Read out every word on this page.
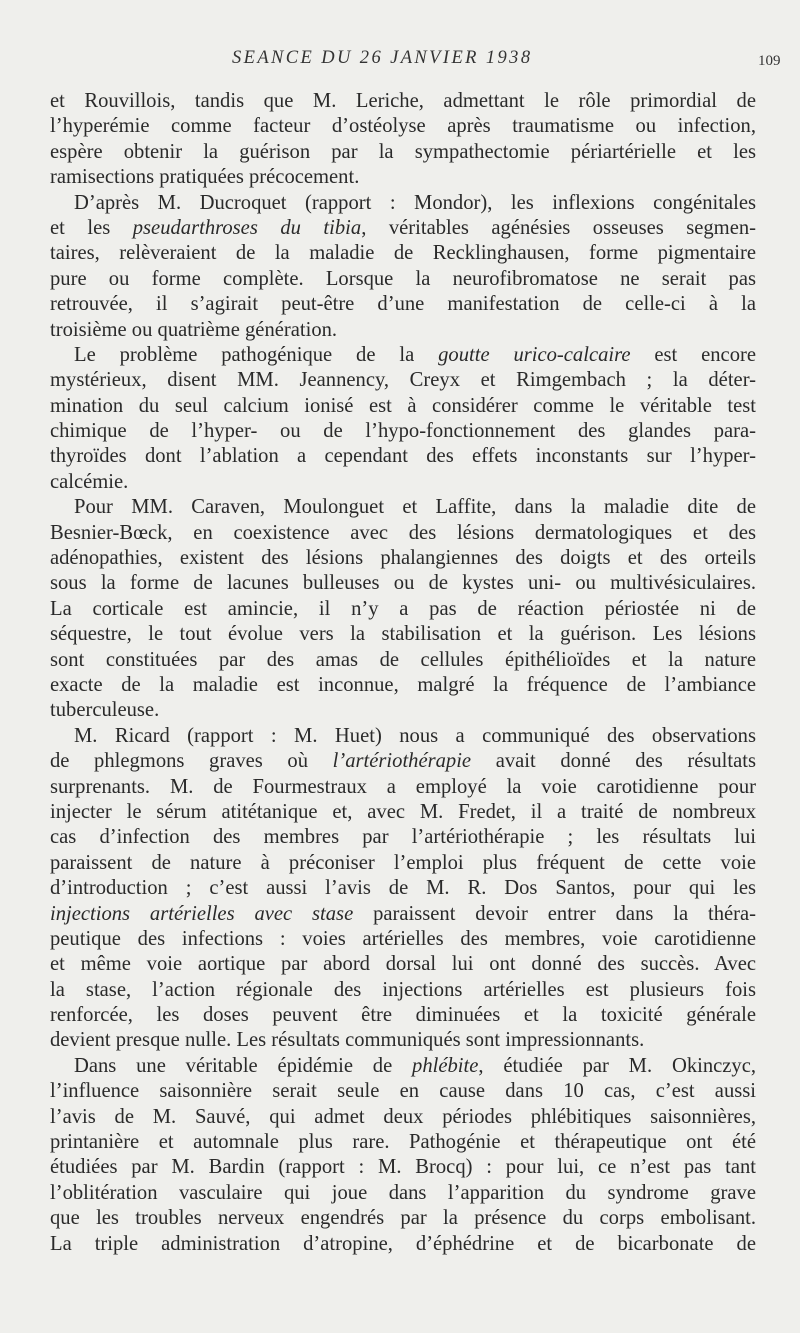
SEANCE DU 26 JANVIER 1938	109
et Rouvillois, tandis que M. Leriche, admettant le rôle primordial de
l’hyperémie comme facteur d’ostéolyse après traumatisme ou infection,
espère obtenir la guérison par la sympathectomie périartérielle et les
ramisections pratiquées précocement.
D’après M. Ducroquet (rapport : Mondor), les inflexions congénitales
et les pseudarthroses du tibia, véritables agénésies osseuses segmen-
taires, relèveraient de la maladie de Recklinghausen, forme pigmentaire
pure ou forme complète. Lorsque la neurofibromatose ne serait pas
retrouvée, il s’agirait peut-être d’une manifestation de celle-ci à la
troisième ou quatrième génération.
Le problème pathogénique de la goutte urico-calcaire est encore
mystérieux, disent MM. Jeannency, Creyx et Rimgembach ; la déter-
mination du seul calcium ionisé est à considérer comme le véritable test
chimique de l’hyper- ou de l’hypo-fonctionnement des glandes para-
thyroïdes dont l’ablation a cependant des effets inconstants sur l’hyper-
calcémie.
Pour MM. Caraven, Moulonguet et Laffite, dans la maladie dite de
Besnier-Bœck, en coexistence avec des lésions dermatologiques et des
adénopathies, existent des lésions phalangiennes des doigts et des orteils
sous la forme de lacunes bulleuses ou de kystes uni- ou multivésiculaires.
La corticale est amincie, il n’y a pas de réaction périostée ni de
séquestre, le tout évolue vers la stabilisation et la guérison. Les lésions
sont constituées par des amas de cellules épithélioïdes et la nature
exacte de la maladie est inconnue, malgré la fréquence de l’ambiance
tuberculeuse.
M. Ricard (rapport : M. Huet) nous a communiqué des observations
de phlegmons graves où l’artériothérapie avait donné des résultats
surprenants. M. de Fourmestraux a employé la voie carotidienne pour
injecter le sérum atitétanique et, avec M. Fredet, il a traité de nombreux
cas d’infection des membres par l’artériothérapie ; les résultats lui
paraissent de nature à préconiser l’emploi plus fréquent de cette voie
d’introduction ; c’est aussi l’avis de M. R. Dos Santos, pour qui les
injections artérielles avec stase paraissent devoir entrer dans la théra-
peutique des infections : voies artérielles des membres, voie carotidienne
et même voie aortique par abord dorsal lui ont donné des succès. Avec
la stase, l’action régionale des injections artérielles est plusieurs fois
renforcée, les doses peuvent être diminuées et la toxicité générale
devient presque nulle. Les résultats communiqués sont impressionnants.
Dans une véritable épidémie de phlébite, étudiée par M. Okinczyc,
l’influence saisonnière serait seule en cause dans 10 cas, c’est aussi
l’avis de M. Sauvé, qui admet deux périodes phlébitiques saisonnières,
printanière et automnale plus rare. Pathogénie et thérapeutique ont été
étudiées par M. Bardin (rapport : M. Brocq) : pour lui, ce n’est pas tant
l’oblitération vasculaire qui joue dans l’apparition du syndrome grave
que les troubles nerveux engendrés par la présence du corps embolisant.
La triple administration d’atropine, d’éphédrine et de bicarbonate de
